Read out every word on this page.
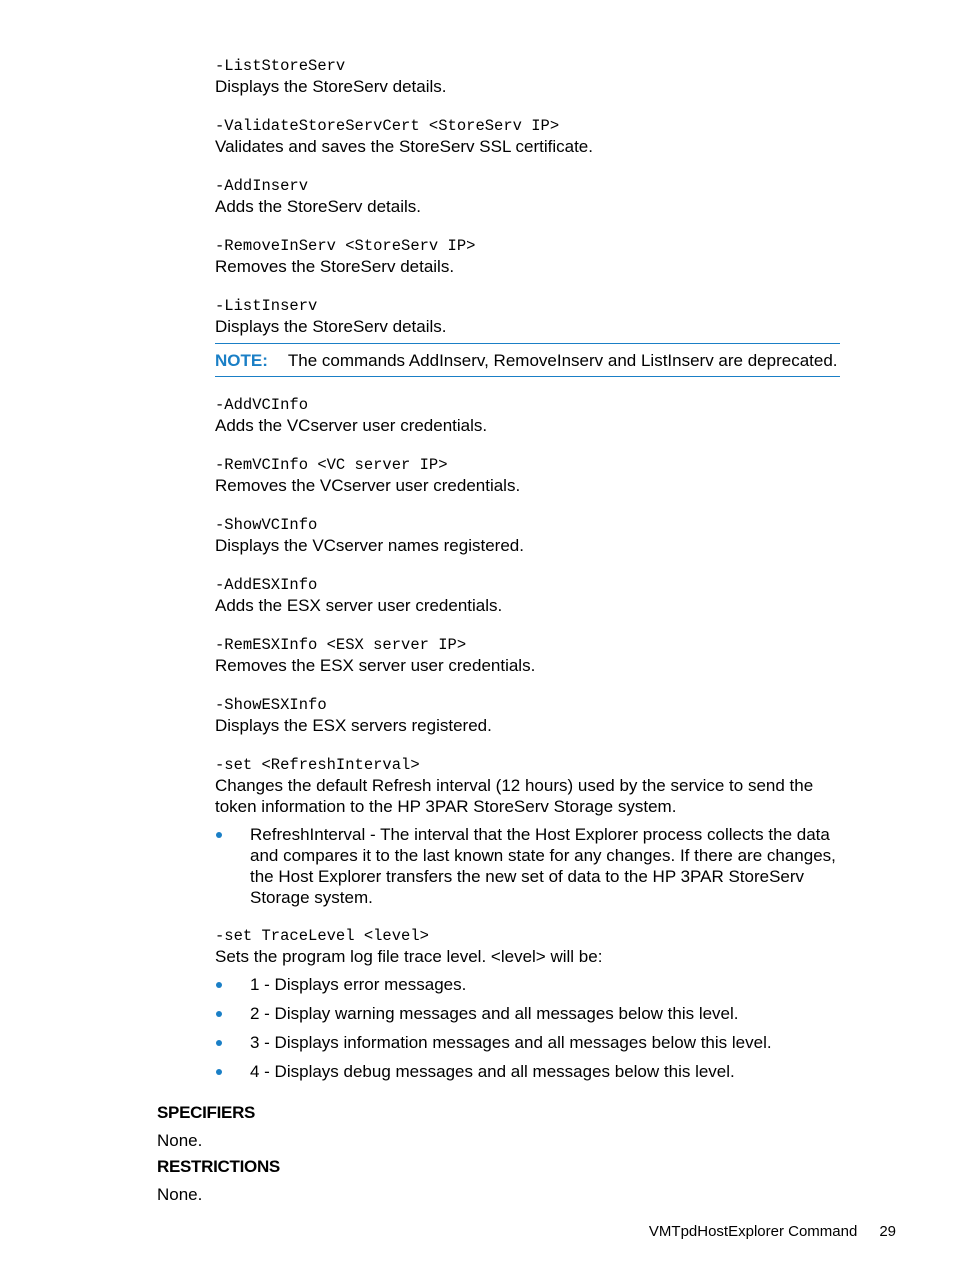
-ListStoreServ
Displays the StoreServ details.
-ValidateStoreServCert <StoreServ IP>
Validates and saves the StoreServ SSL certificate.
-AddInserv
Adds the StoreServ details.
-RemoveInServ <StoreServ IP>
Removes the StoreServ details.
-ListInserv
Displays the StoreServ details.
NOTE: The commands AddInserv, RemoveInserv and ListInserv are deprecated.
-AddVCInfo
Adds the VCserver user credentials.
-RemVCInfo <VC server IP>
Removes the VCserver user credentials.
-ShowVCInfo
Displays the VCserver names registered.
-AddESXInfo
Adds the ESX server user credentials.
-RemESXInfo <ESX server IP>
Removes the ESX server user credentials.
-ShowESXInfo
Displays the ESX servers registered.
-set <RefreshInterval>
Changes the default Refresh interval (12 hours) used by the service to send the token information to the HP 3PAR StoreServ Storage system.
RefreshInterval - The interval that the Host Explorer process collects the data and compares it to the last known state for any changes. If there are changes, the Host Explorer transfers the new set of data to the HP 3PAR StoreServ Storage system.
-set TraceLevel <level>
Sets the program log file trace level. <level> will be:
1 - Displays error messages.
2 - Display warning messages and all messages below this level.
3 - Displays information messages and all messages below this level.
4 - Displays debug messages and all messages below this level.
SPECIFIERS
None.
RESTRICTIONS
None.
VMTpdHostExplorer Command 29
